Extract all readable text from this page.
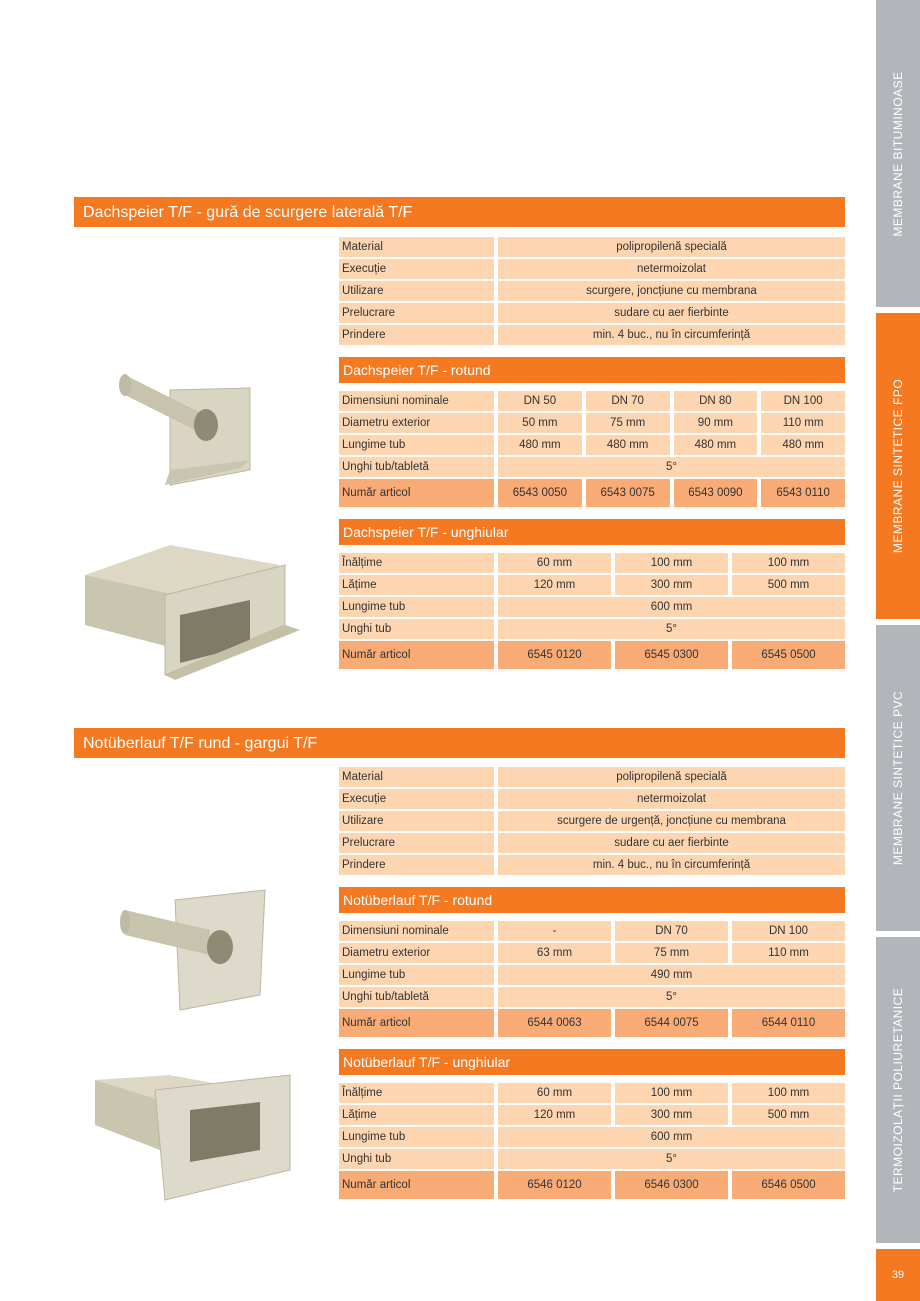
MEMBRANE BITUMINOASE
MEMBRANE SINTETICE FPO
MEMBRANE SINTETICE PVC
TERMOIZOLAȚII POLIURETANICE
39
Dachspeier T/F - gură de scurgere laterală T/F
Material	polipropilenă specială
Execuție	netermoizolat
Utilizare	scurgere, joncțiune cu membrana
Prelucrare	sudare cu aer fierbinte
Prindere	min. 4 buc., nu în circumferință
Dachspeier T/F - rotund
Dimensiuni nominale	DN 50	DN 70	DN 80	DN 100
Diametru exterior	50 mm	75 mm	90 mm	110 mm
Lungime tub	480 mm	480 mm	480 mm	480 mm
Unghi tub/tabletă	5°
Număr articol	6543 0050	6543 0075	6543 0090	6543 0110
Dachspeier T/F - unghiular
Înălțime	60 mm	100 mm	100 mm
Lățime	120 mm	300 mm	500 mm
Lungime tub	600 mm
Unghi tub	5°
Număr articol	6545 0120	6545 0300	6545 0500
Notüberlauf T/F rund - gargui T/F
Material	polipropilenă specială
Execuție	netermoizolat
Utilizare	scurgere de urgență, joncțiune cu membrana
Prelucrare	sudare cu aer fierbinte
Prindere	min. 4 buc., nu în circumferință
Notüberlauf T/F - rotund
Dimensiuni nominale	-	DN 70	DN 100
Diametru exterior	63 mm	75 mm	110 mm
Lungime tub	490 mm
Unghi tub/tabletă	5°
Număr articol	6544 0063	6544 0075	6544 0110
Notüberlauf T/F - unghiular
Înălțime	60 mm	100 mm	100 mm
Lățime	120 mm	300 mm	500 mm
Lungime tub	600 mm
Unghi tub	5°
Număr articol	6546 0120	6546 0300	6546 0500
